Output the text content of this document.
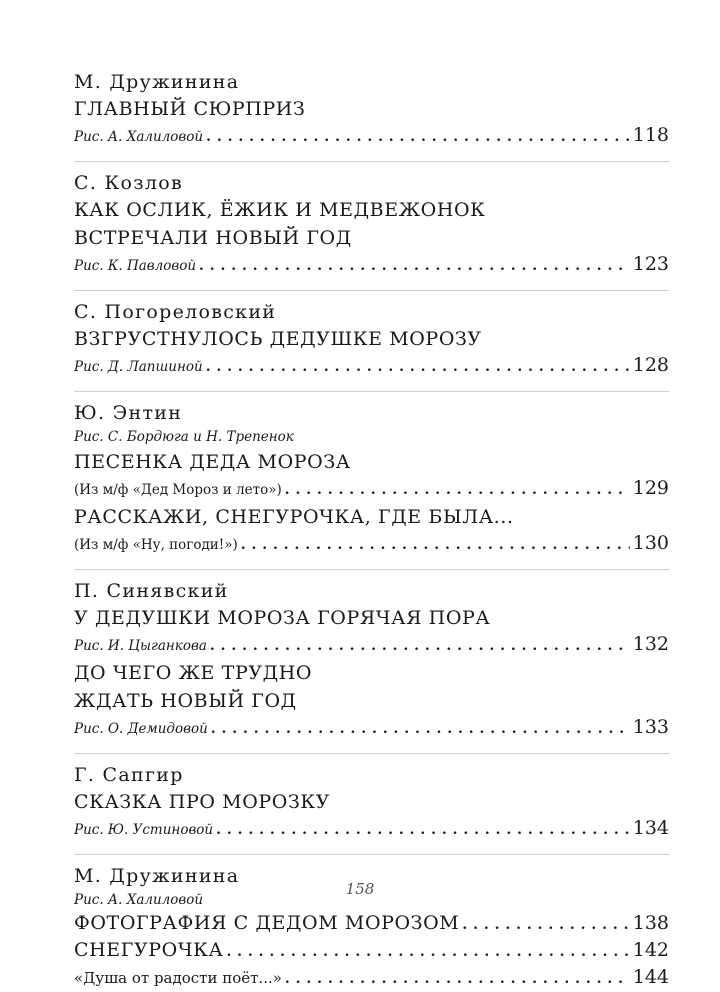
М. Дружинина
ГЛАВНЫЙ СЮРПРИЗ
Рис. А. Халиловой . . .	118
С. Козлов
КАК ОСЛИК, ЁЖИК И МЕДВЕЖОНОК
ВСТРЕЧАЛИ НОВЫЙ ГОД
Рис. К. Павловой . . .	123
С. Погореловский
ВЗГРУСТНУЛОСЬ ДЕДУШКЕ МОРОЗУ
Рис. Д. Лапшиной . . .	128
Ю. Энтин
Рис. С. Бордюга и Н. Трепенок
ПЕСЕНКА ДЕДА МОРОЗА
(Из м/ф «Дед Мороз и лето») . . .	129
РАССКАЖИ, СНЕГУРОЧКА, ГДЕ БЫЛА...
(Из м/ф «Ну, погоди!») . . .	130
П. Синявский
У ДЕДУШКИ МОРОЗА ГОРЯЧАЯ ПОРА
Рис. И. Цыганкова . . .	132
ДО ЧЕГО ЖЕ ТРУДНО
ЖДАТЬ НОВЫЙ ГОД
Рис. О. Демидовой . . .	133
Г. Сапгир
СКАЗКА ПРО МОРОЗКУ
Рис. Ю. Устиновой . . .	134
М. Дружинина
Рис. А. Халиловой
ФОТОГРАФИЯ С ДЕДОМ МОРОЗОМ . . .	138
СНЕГУРОЧКА . . .	142
«Душа от радости поёт...» . . .	144
158
